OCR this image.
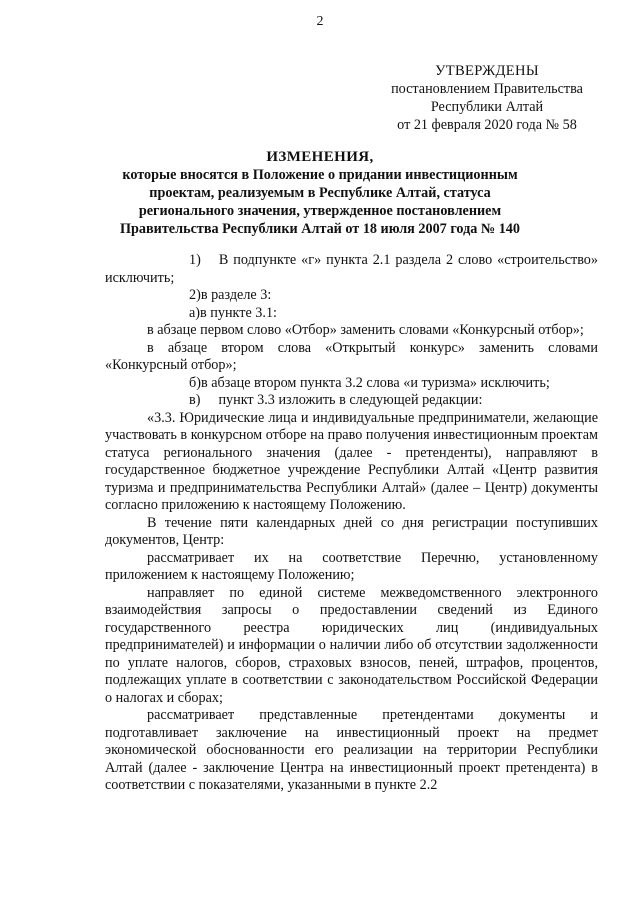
2
УТВЕРЖДЕНЫ
постановлением Правительства
Республики Алтай
от 21 февраля 2020 года № 58
ИЗМЕНЕНИЯ,
которые вносятся в Положение о придании инвестиционным проектам, реализуемым в Республике Алтай, статуса регионального значения, утвержденное постановлением Правительства Республики Алтай от 18 июля 2007 года № 140

1) В подпункте «г» пункта 2.1 раздела 2 слово «строительство» исключить;

2)в разделе 3:

а)в пункте 3.1:

в абзаце первом слово «Отбор» заменить словами «Конкурсный отбор»;

в абзаце втором слова «Открытый конкурс» заменить словами «Конкурсный отбор»;

б)в абзаце втором пункта 3.2 слова «и туризма» исключить;

в) пункт 3.3 изложить в следующей редакции:

«3.3. Юридические лица и индивидуальные предприниматели, желающие участвовать в конкурсном отборе на право получения инвестиционным проектам статуса регионального значения (далее - претенденты), направляют в государственное бюджетное учреждение Республики Алтай «Центр развития туризма и предпринимательства Республики Алтай» (далее – Центр) документы согласно приложению к настоящему Положению.

В течение пяти календарных дней со дня регистрации поступивших документов, Центр:

рассматривает их на соответствие Перечню, установленному приложением к настоящему Положению;

направляет по единой системе межведомственного электронного взаимодействия запросы о предоставлении сведений из Единого государственного реестра юридических лиц (индивидуальных предпринимателей) и информации о наличии либо об отсутствии задолженности по уплате налогов, сборов, страховых взносов, пеней, штрафов, процентов, подлежащих уплате в соответствии с законодательством Российской Федерации о налогах и сборах;

рассматривает представленные претендентами документы и подготавливает заключение на инвестиционный проект на предмет экономической обоснованности его реализации на территории Республики Алтай (далее - заключение Центра на инвестиционный проект претендента) в соответствии с показателями, указанными в пункте 2.2
